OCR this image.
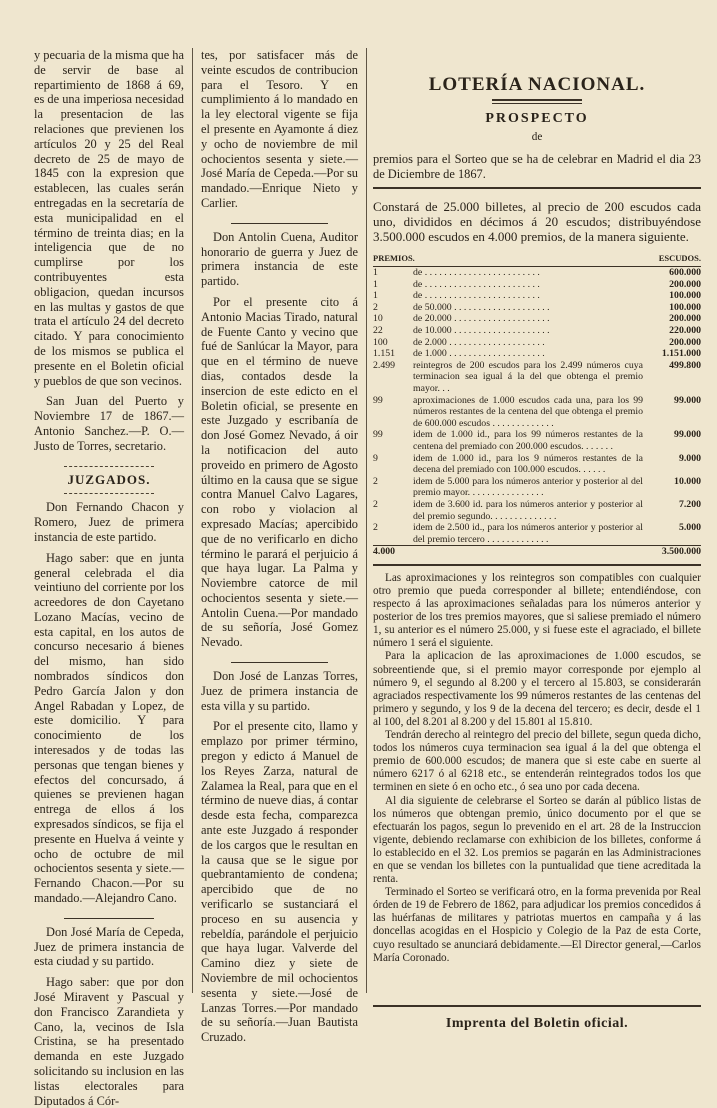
y pecuaria de la misma que ha de servir de base al repartimiento de 1868 á 69, es de una imperiosa necesidad la presentacion de las relaciones que previenen los artículos 20 y 25 del Real decreto de 25 de mayo de 1845 con la expresion que establecen, las cuales serán entregadas en la secretaría de esta municipalidad en el término de treinta dias; en la inteligencia que de no cumplirse por los contribuyentes esta obligacion, quedan incursos en las multas y gastos de que trata el artículo 24 del decreto citado. Y para conocimiento de los mismos se publica el presente en el Boletin oficial y pueblos de que son vecinos.

San Juan del Puerto y Noviembre 17 de 1867.—Antonio Sanchez.—P. O.—Justo de Torres, secretario.

JUZGADOS.

Don Fernando Chacon y Romero, Juez de primera instancia de este partido.

Hago saber: que en junta general celebrada el dia veintiuno del corriente por los acreedores de don Cayetano Lozano Macías, vecino de esta capital, en los autos de concurso necesario á bienes del mismo, han sido nombrados síndicos don Pedro García Jalon y don Angel Rabadan y Lopez, de este domicilio. Y para conocimiento de los interesados y de todas las personas que tengan bienes y efectos del concursado, á quienes se previenen hagan entrega de ellos á los expresados síndicos, se fija el presente en Huelva á veinte y ocho de octubre de mil ochocientos sesenta y siete.—Fernando Chacon.—Por su mandado.—Alejandro Cano.

Don José María de Cepeda, Juez de primera instancia de esta ciudad y su partido.

Hago saber: que por don José Miravent y Pascual y don Francisco Zarandieta y Cano, la, vecinos de Isla Cristina, se ha presentado demanda en este Juzgado solicitando su inclusion en las listas electorales para Diputados á Cór-

tes, por satisfacer más de veinte escudos de contribucion para el Tesoro. Y en cumplimiento á lo mandado en la ley electoral vigente se fija el presente en Ayamonte á diez y ocho de noviembre de mil ochocientos sesenta y siete.—José María de Cepeda.—Por su mandado.—Enrique Nieto y Carlier.

Don Antolin Cuena, Auditor honorario de guerra y Juez de primera instancia de este partido.

Por el presente cito á Antonio Macias Tirado, natural de Fuente Canto y vecino que fué de Sanlúcar la Mayor, para que en el término de nueve dias, contados desde la insercion de este edicto en el Boletin oficial, se presente en este Juzgado y escribanía de don José Gomez Nevado, á oir la notificacion del auto proveido en primero de Agosto último en la causa que se sigue contra Manuel Calvo Lagares, con robo y violacion al expresado Macías; apercibido que de no verificarlo en dicho término le parará el perjuicio á que haya lugar. La Palma y Noviembre catorce de mil ochocientos sesenta y siete.—Antolin Cuena.—Por mandado de su señoría, José Gomez Nevado.

Don José de Lanzas Torres, Juez de primera instancia de esta villa y su partido.

Por el presente cito, llamo y emplazo por primer término, pregon y edicto á Manuel de los Reyes Zarza, natural de Zalamea la Real, para que en el término de nueve dias, á contar desde esta fecha, comparezca ante este Juzgado á responder de los cargos que le resultan en la causa que se le sigue por quebrantamiento de condena; apercibido que de no verificarlo se sustanciará el proceso en su ausencia y rebeldía, parándole el perjuicio que haya lugar. Valverde del Camino diez y siete de Noviembre de mil ochocientos sesenta y siete.—José de Lanzas Torres.—Por mandado de su señoría.—Juan Bautista Cruzado.

LOTERÍA NACIONAL.
PROSPECTO
de

premios para el Sorteo que se ha de celebrar en Madrid el dia 23 de Diciembre de 1867.

Constará de 25.000 billetes, al precio de 200 escudos cada uno, divididos en décimos á 20 escudos; distribuyéndose 3.500.000 escudos en 4.000 premios, de la manera siguiente.

PREMIOS.		ESCUDOS.
1	de . . . . . . . . . . . . . . . . . . . . . . . .	600.000
1	de . . . . . . . . . . . . . . . . . . . . . . . .	200.000
1	de . . . . . . . . . . . . . . . . . . . . . . . .	100.000
2	de 50.000 . . . . . . . . . . . . . . . . . . . .	100.000
10	de 20.000 . . . . . . . . . . . . . . . . . . . .	200.000
22	de 10.000 . . . . . . . . . . . . . . . . . . . .	220.000
100	de 2.000 . . . . . . . . . . . . . . . . . . . .	200.000
1.151	de 1.000 . . . . . . . . . . . . . . . . . . . .	1.151.000
2.499	reintegros de 200 escudos para los 2.499 números cuya terminacion sea igual á la del que obtenga el premio mayor. . .	499.800
99	aproximaciones de 1.000 escudos cada una, para los 99 números restantes de la centena del que obtenga el premio de 600.000 escudos . . . . . . . . . . . . .	99.000
99	idem de 1.000 id., para los 99 números restantes de la centena del premiado con 200.000 escudos. . . . . . .	99.000
9	idem de 1.000 id., para los 9 números restantes de la decena del premiado con 100.000 escudos. . . . . .	9.000
2	idem de 5.000 para los números anterior y posterior al del premio mayor. . . . . . . . . . . . . . . .	10.000
2	idem de 3.600 id. para los números anterior y posterior al del premio segundo. . . . . . . . . . . . . .	7.200
2	idem de 2.500 id., para los números anterior y posterior al del premio tercero . . . . . . . . . . . . .	5.000
4.000		3.500.000

Las aproximaciones y los reintegros son compatibles con cualquier otro premio que pueda corresponder al billete; entendiéndose, con respecto á las aproximaciones señaladas para los números anterior y posterior de los tres premios mayores, que si saliese premiado el número 1, su anterior es el número 25.000, y si fuese este el agraciado, el billete número 1 será el siguiente.

Para la aplicacion de las aproximaciones de 1.000 escudos, se sobreentiende que, si el premio mayor corresponde por ejemplo al número 9, el segundo al 8.200 y el tercero al 15.803, se considerarán agraciados respectivamente los 99 números restantes de las centenas del primero y segundo, y los 9 de la decena del tercero; es decir, desde el 1 al 100, del 8.201 al 8.200 y del 15.801 al 15.810.

Tendrán derecho al reintegro del precio del billete, segun queda dicho, todos los números cuya terminacion sea igual á la del que obtenga el premio de 600.000 escudos; de manera que si este cabe en suerte al número 6217 ó al 6218 etc., se entenderán reintegrados todos los que terminen en siete ó en ocho etc., ó sea uno por cada decena.

Al dia siguiente de celebrarse el Sorteo se darán al público listas de los números que obtengan premio, único documento por el que se efectuarán los pagos, segun lo prevenido en el art. 28 de la Instruccion vigente, debiendo reclamarse con exhibicion de los billetes, conforme á lo establecido en el 32. Los premios se pagarán en las Administraciones en que se vendan los billetes con la puntualidad que tiene acreditada la renta.

Terminado el Sorteo se verificará otro, en la forma prevenida por Real órden de 19 de Febrero de 1862, para adjudicar los premios concedidos á las huérfanas de militares y patriotas muertos en campaña y á las doncellas acogidas en el Hospicio y Colegio de la Paz de esta Corte, cuyo resultado se anunciará debidamente.—El Director general,—Carlos María Coronado.

Imprenta del Boletin oficial.
